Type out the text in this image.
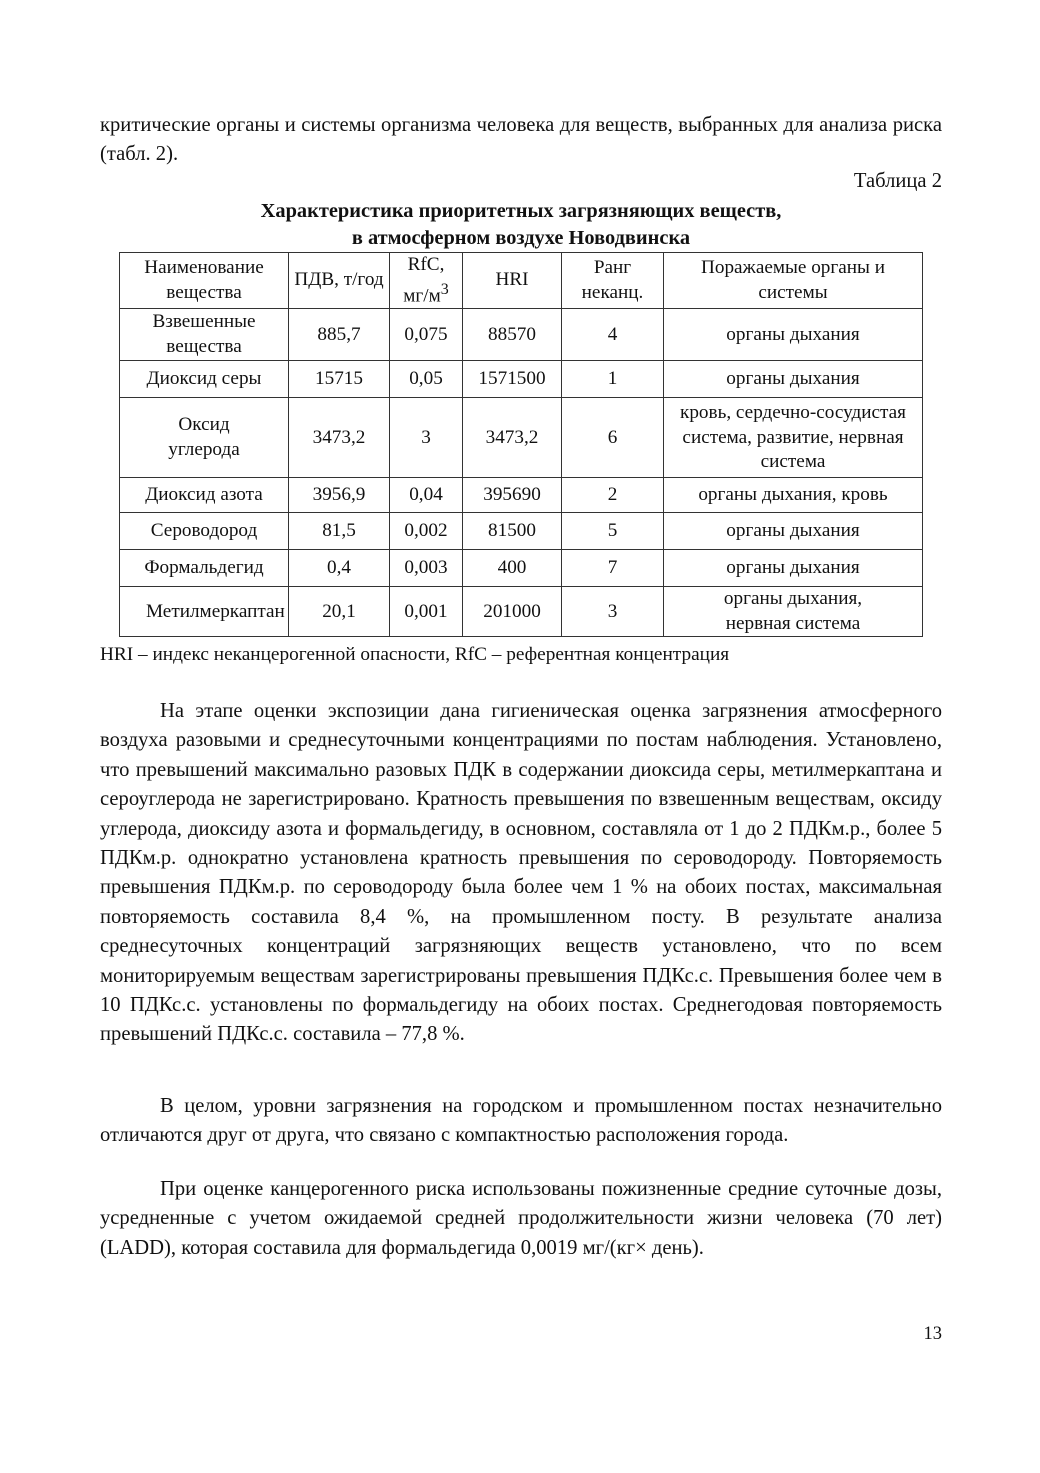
критические органы и системы организма человека для веществ, выбранных для анализа риска (табл. 2).

Таблица 2

Характеристика приоритетных загрязняющих веществ,

в атмосферном воздухе Новодвинска

Наименование вещества	ПДВ, т/год	RfC, $мг/м^3$	HRI	Ранг неканц.	Поражаемые органы и системы
Взвешенные вещества	885,7	0,075	88570	4	органы дыхания
Диоксид серы	15715	0,05	1571500	1	органы дыхания
Оксид углерода	3473,2	3	3473,2	6	кровь, сердечно-сосудистая система, развитие, нервная система
Диоксид азота	3956,9	0,04	395690	2	органы дыхания, кровь
Сероводород	81,5	0,002	81500	5	органы дыхания
Формальдегид	0,4	0,003	400	7	органы дыхания
Метилмеркаптан	20,1	0,001	201000	3	органы дыхания, нервная система

HRI – индекс неканцерогенной опасности, RfC – референтная концентрация

На этапе оценки экспозиции дана гигиеническая оценка загрязнения атмосферного воздуха разовыми и среднесуточными концентрациями по постам наблюдения. Установлено, что превышений максимально разовых ПДК в содержании диоксида серы, метилмеркаптана и сероуглерода не зарегистрировано. Кратность превышения по взвешенным веществам, оксиду углерода, диоксиду азота и формальдегиду, в основном, составляла от 1 до 2 ПДКм.р., более 5 ПДКм.р. однократно установлена кратность превышения по сероводороду. Повторяемость превышения ПДКм.р. по сероводороду была более чем 1 % на обоих постах, максимальная повторяемость составила 8,4 %, на промышленном посту. В результате анализа среднесуточных концентраций загрязняющих веществ установлено, что по всем мониторируемым веществам зарегистрированы превышения ПДКс.с. Превышения более чем в 10 ПДКс.с. установлены по формальдегиду на обоих постах. Среднегодовая повторяемость превышений ПДКс.с. составила – 77,8 %.

В целом, уровни загрязнения на городском и промышленном постах незначительно отличаются друг от друга, что связано с компактностью расположения города.

При оценке канцерогенного риска использованы пожизненные средние суточные дозы, усредненные с учетом ожидаемой средней продолжительности жизни человека (70 лет) (LADD), которая составила для формальдегида 0,0019 мг/(кг× день).

13
